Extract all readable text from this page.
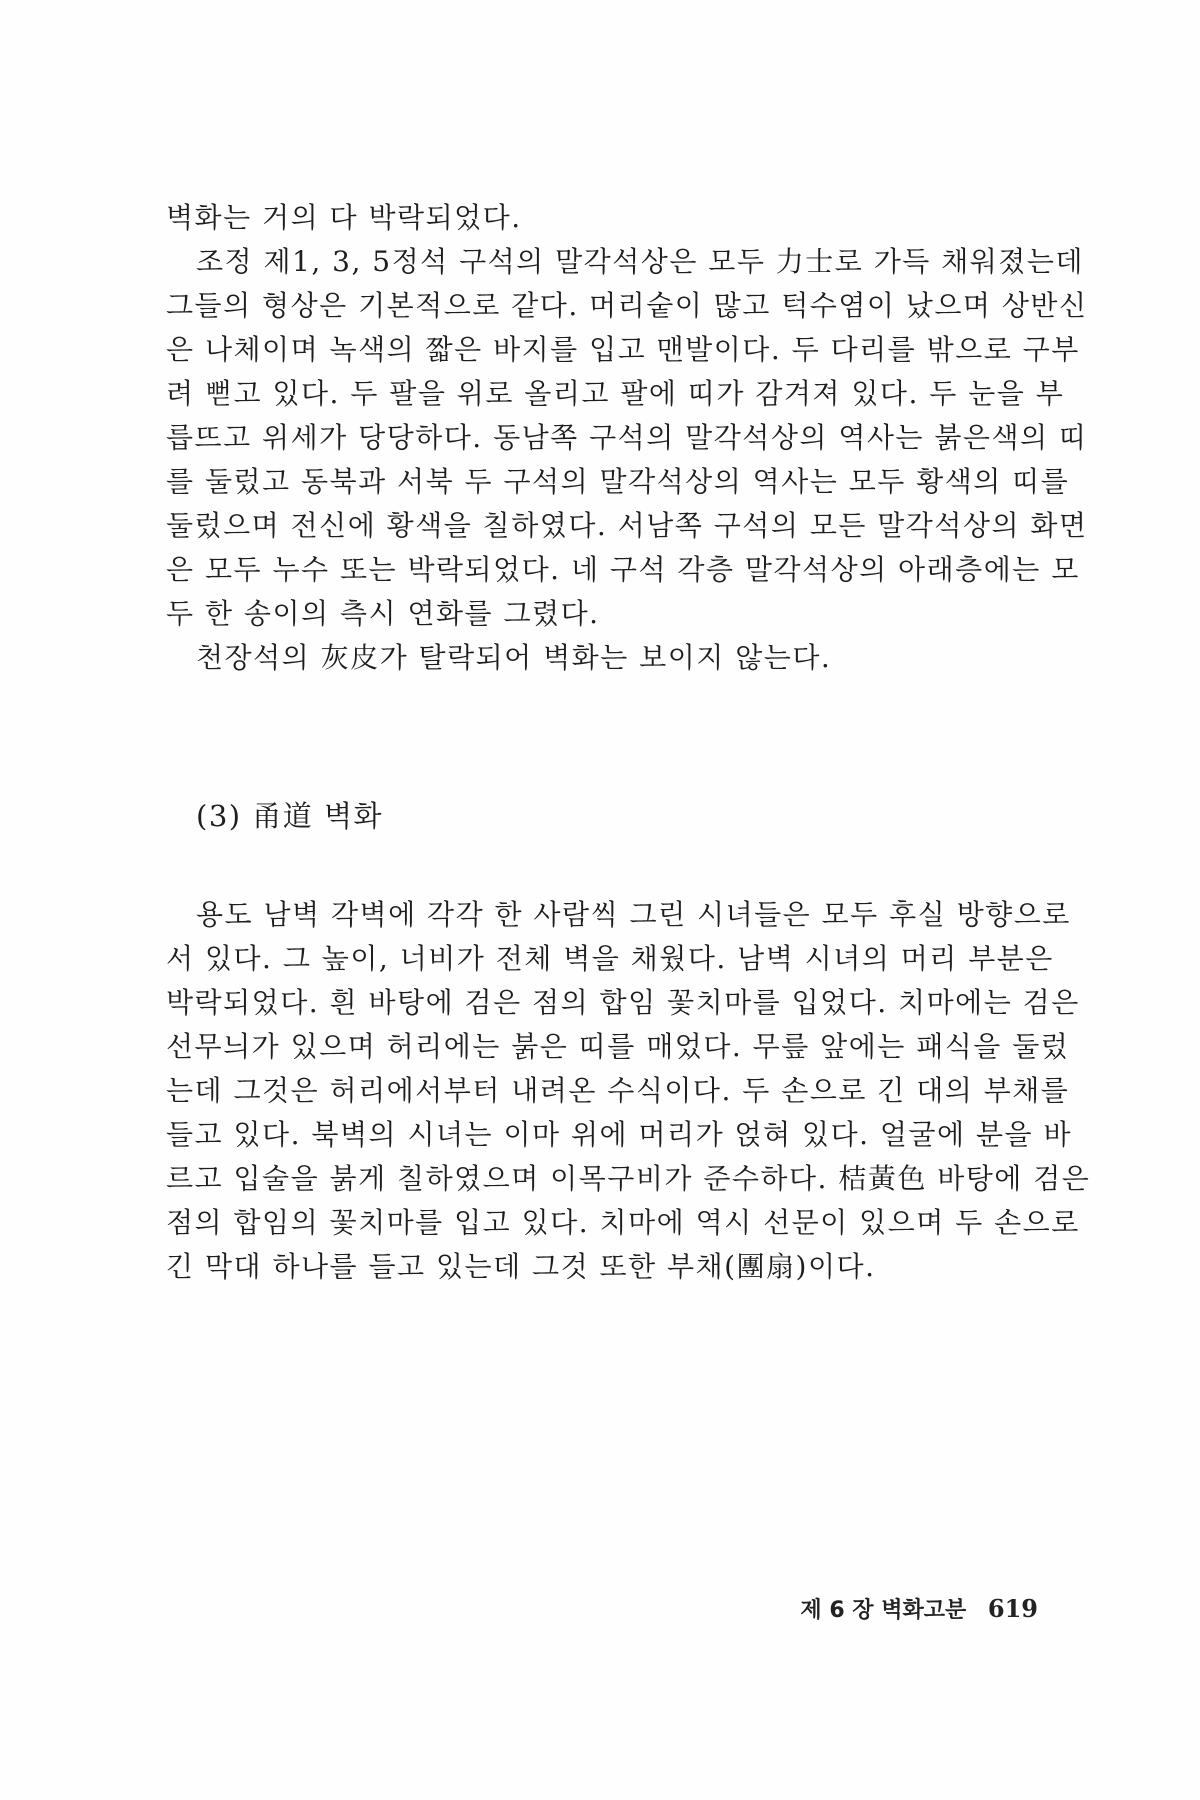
벽화는 거의 다 박락되었다.
조정 제1, 3, 5정석 구석의 말각석상은 모두 力士로 가득 채워졌는데
그들의 형상은 기본적으로 같다. 머리숱이 많고 턱수염이 났으며 상반신
은 나체이며 녹색의 짧은 바지를 입고 맨발이다. 두 다리를 밖으로 구부
려 뻗고 있다. 두 팔을 위로 올리고 팔에 띠가 감겨져 있다. 두 눈을 부
릅뜨고 위세가 당당하다. 동남쪽 구석의 말각석상의 역사는 붉은색의 띠
를 둘렀고 동북과 서북 두 구석의 말각석상의 역사는 모두 황색의 띠를
둘렀으며 전신에 황색을 칠하였다. 서남쪽 구석의 모든 말각석상의 화면
은 모두 누수 또는 박락되었다. 네 구석 각층 말각석상의 아래층에는 모
두 한 송이의 측시 연화를 그렸다.
천장석의 灰皮가 탈락되어 벽화는 보이지 않는다.
(3) 甬道 벽화
용도 남벽 각벽에 각각 한 사람씩 그린 시녀들은 모두 후실 방향으로
서 있다. 그 높이, 너비가 전체 벽을 채웠다. 남벽 시녀의 머리 부분은
박락되었다. 흰 바탕에 검은 점의 합임 꽃치마를 입었다. 치마에는 검은
선무늬가 있으며 허리에는 붉은 띠를 매었다. 무릎 앞에는 패식을 둘렀
는데 그것은 허리에서부터 내려온 수식이다. 두 손으로 긴 대의 부채를
들고 있다. 북벽의 시녀는 이마 위에 머리가 얹혀 있다. 얼굴에 분을 바
르고 입술을 붉게 칠하였으며 이목구비가 준수하다. 桔黃色 바탕에 검은
점의 합임의 꽃치마를 입고 있다. 치마에 역시 선문이 있으며 두 손으로
긴 막대 하나를 들고 있는데 그것 또한 부채(團扇)이다.
제 6 장 벽화고분 619
